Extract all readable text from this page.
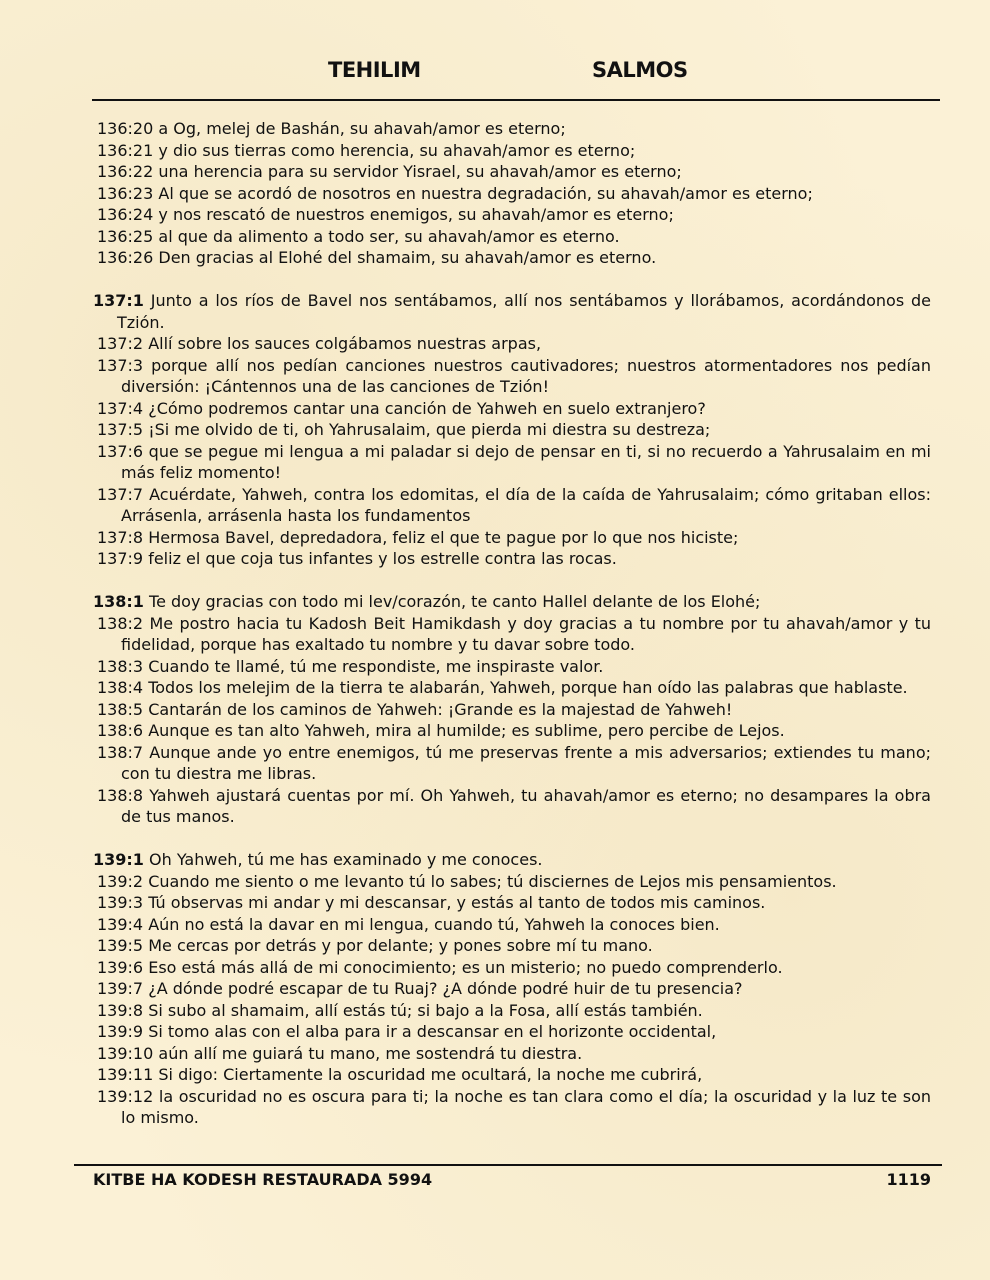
TEHILIM	SALMOS

136:20 a Og, melej de Bashán, su ahavah/amor es eterno;

136:21 y dio sus tierras como herencia, su ahavah/amor es eterno;

136:22 una herencia para su servidor Yisrael, su ahavah/amor es eterno;

136:23 Al que se acordó de nosotros en nuestra degradación, su ahavah/amor es eterno;

136:24 y nos rescató de nuestros enemigos, su ahavah/amor es eterno;

136:25 al que da alimento a todo ser, su ahavah/amor es eterno.

136:26 Den gracias al Elohé del shamaim, su ahavah/amor es eterno.

137:1 Junto a los ríos de Bavel nos sentábamos, allí nos sentábamos y llorábamos, acordándonos de Tzión.

137:2 Allí sobre los sauces colgábamos nuestras arpas,

137:3 porque allí nos pedían canciones nuestros cautivadores; nuestros atormentadores nos pedían diversión: ¡Cántennos una de las canciones de Tzión!

137:4 ¿Cómo podremos cantar una canción de Yahweh en suelo extranjero?

137:5 ¡Si me olvido de ti, oh Yahrusalaim, que pierda mi diestra su destreza;

137:6 que se pegue mi lengua a mi paladar si dejo de pensar en ti, si no recuerdo a Yahrusalaim en mi más feliz momento!

137:7 Acuérdate, Yahweh, contra los edomitas, el día de la caída de Yahrusalaim; cómo gritaban ellos: Arrásenla, arrásenla hasta los fundamentos

137:8 Hermosa Bavel, depredadora, feliz el que te pague por lo que nos hiciste;

137:9 feliz el que coja tus infantes y los estrelle contra las rocas.

138:1 Te doy gracias con todo mi lev/corazón, te canto Hallel delante de los Elohé;

138:2 Me postro hacia tu Kadosh Beit Hamikdash y doy gracias a tu nombre por tu ahavah/amor y tu fidelidad, porque has exaltado tu nombre y tu davar sobre todo.

138:3 Cuando te llamé, tú me respondiste, me inspiraste valor.

138:4 Todos los melejim de la tierra te alabarán, Yahweh, porque han oído las palabras que hablaste.

138:5 Cantarán de los caminos de Yahweh: ¡Grande es la majestad de Yahweh!

138:6 Aunque es tan alto Yahweh, mira al humilde; es sublime, pero percibe de Lejos.

138:7 Aunque ande yo entre enemigos, tú me preservas frente a mis adversarios; extiendes tu mano; con tu diestra me libras.

138:8 Yahweh ajustará cuentas por mí. Oh Yahweh, tu ahavah/amor es eterno; no desampares la obra de tus manos.

139:1 Oh Yahweh, tú me has examinado y me conoces.

139:2 Cuando me siento o me levanto tú lo sabes; tú disciernes de Lejos mis pensamientos.

139:3 Tú observas mi andar y mi descansar, y estás al tanto de todos mis caminos.

139:4 Aún no está la davar en mi lengua, cuando tú, Yahweh la conoces bien.

139:5 Me cercas por detrás y por delante; y pones sobre mí tu mano.

139:6 Eso está más allá de mi conocimiento; es un misterio; no puedo comprenderlo.

139:7 ¿A dónde podré escapar de tu Ruaj? ¿A dónde podré huir de tu presencia?

139:8 Si subo al shamaim, allí estás tú; si bajo a la Fosa, allí estás también.

139:9 Si tomo alas con el alba para ir a descansar en el horizonte occidental,

139:10 aún allí me guiará tu mano, me sostendrá tu diestra.

139:11 Si digo: Ciertamente la oscuridad me ocultará, la noche me cubrirá,

139:12 la oscuridad no es oscura para ti; la noche es tan clara como el día; la oscuridad y la luz te son lo mismo.

KITBE HA KODESH RESTAURADA 5994	1119
